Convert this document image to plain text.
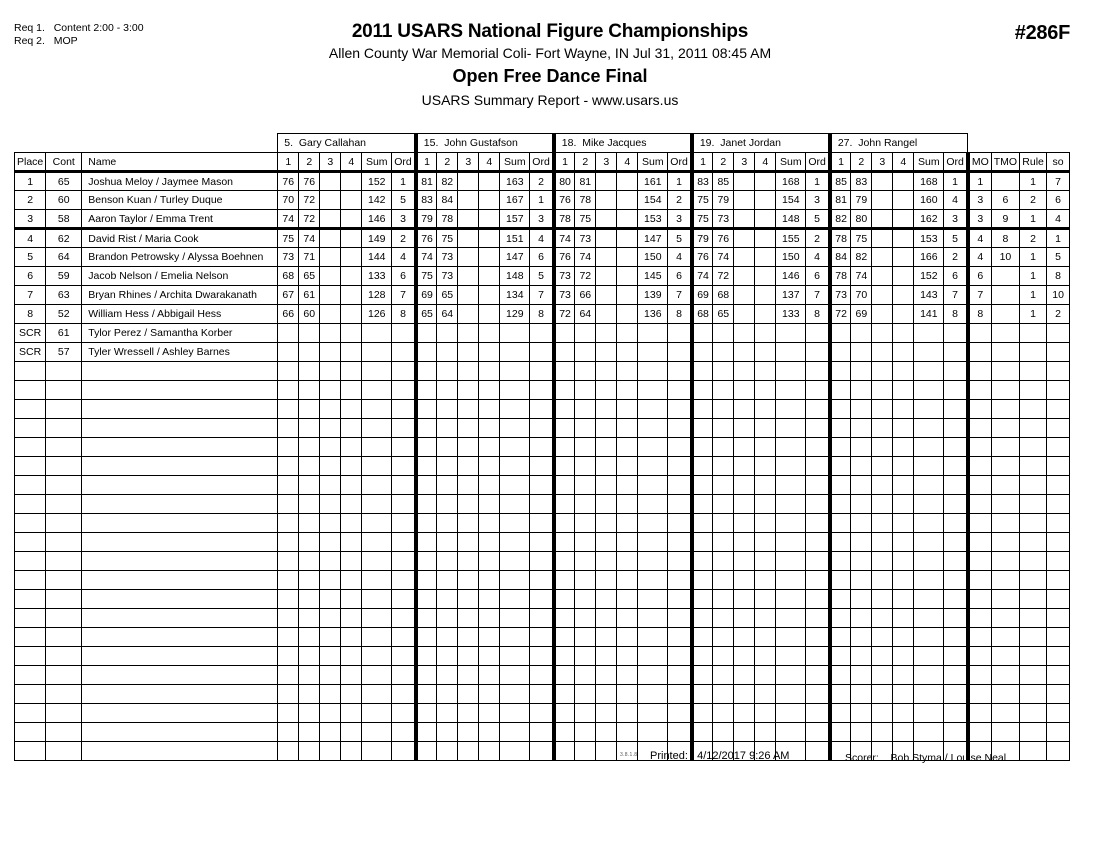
Req 1. Content 2:00 - 3:00
Req 2. MOP	2011 USARS National Figure Championships
Allen County War Memorial Coli- Fort Wayne, IN Jul 31, 2011 08:45 AM
Open Free Dance Final
USARS Summary Report - www.usars.us
#286F
			5. Gary Callahan						15. John Gustafson						18. Mike Jacques						19. Janet Jordan						27. John Rangel									
Place	Cont	Name	1	2	3	4	Sum	Ord	1	2	3	4	Sum	Ord	1	2	3	4	Sum	Ord	1	2	3	4	Sum	Ord	1	2	3	4	Sum	Ord	MO	TMO	Rule	so
1	65	Joshua Meloy / Jaymee Mason	76	76			152	1	81	82			163	2	80	81			161	1	83	85			168	1	85	83			168	1	1		1	7
2	60	Benson Kuan / Turley Duque	70	72			142	5	83	84			167	1	76	78			154	2	75	79			154	3	81	79			160	4	3	6	2	6
3	58	Aaron Taylor / Emma Trent	74	72			146	3	79	78			157	3	78	75			153	3	75	73			148	5	82	80			162	3	3	9	1	4
4	62	David Rist / Maria Cook	75	74			149	2	76	75			151	4	74	73			147	5	79	76			155	2	78	75			153	5	4	8	2	1
5	64	Brandon Petrowsky / Alyssa Boehnen	73	71			144	4	74	73			147	6	76	74			150	4	76	74			150	4	84	82			166	2	4	10	1	5
6	59	Jacob Nelson / Emelia Nelson	68	65			133	6	75	73			148	5	73	72			145	6	74	72			146	6	78	74			152	6	6		1	8
7	63	Bryan Rhines / Archita Dwarakanath	67	61			128	7	69	65			134	7	73	66			139	7	69	68			137	7	73	70			143	7	7		1	10
8	52	William Hess / Abbigail Hess	66	60			126	8	65	64			129	8	72	64			136	8	68	65			133	8	72	69			141	8	8		1	2
SCR	61	Tylor Perez / Samantha Korber																																		
SCR	57	Tyler Wressell / Ashley Barnes																																		

3.8.1.8 Printed: 4/12/2017 9:26 AM	Scorer: Bob Styma / Louise Neal
